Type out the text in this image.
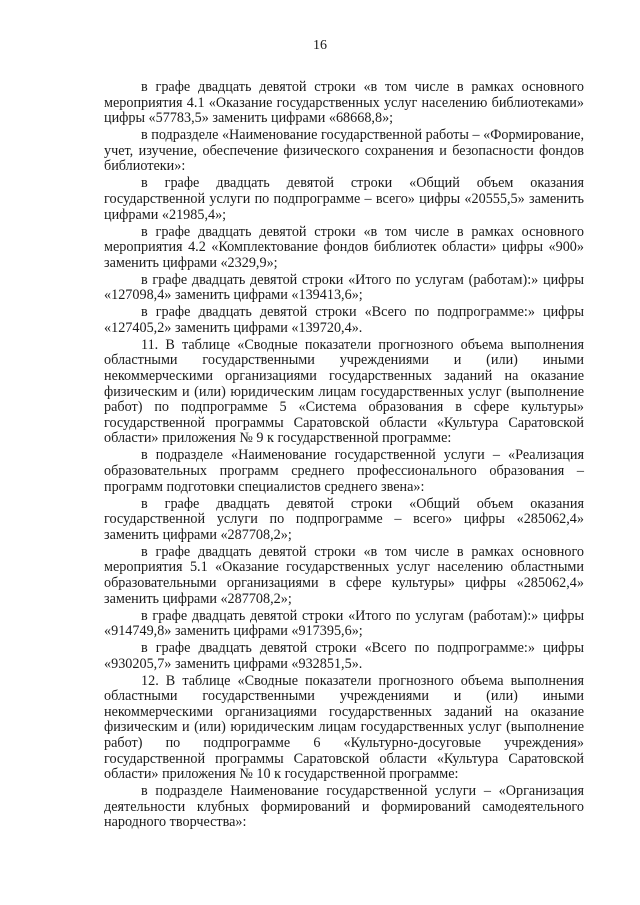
16

в графе двадцать девятой строки «в том числе в рамках основного мероприятия 4.1 «Оказание государственных услуг населению библиотеками» цифры «57783,5» заменить цифрами «68668,8»;

в подразделе «Наименование государственной работы – «Формирование, учет, изучение, обеспечение физического сохранения и безопасности фондов библиотеки»:

в графе двадцать девятой строки «Общий объем оказания государственной услуги по подпрограмме – всего» цифры «20555,5» заменить цифрами «21985,4»;

в графе двадцать девятой строки «в том числе в рамках основного мероприятия 4.2 «Комплектование фондов библиотек области» цифры «900» заменить цифрами «2329,9»;

в графе двадцать девятой строки «Итого по услугам (работам):» цифры «127098,4» заменить цифрами «139413,6»;

в графе двадцать девятой строки «Всего по подпрограмме:» цифры «127405,2» заменить цифрами «139720,4».

11. В таблице «Сводные показатели прогнозного объема выполнения областными государственными учреждениями и (или) иными некоммерческими организациями государственных заданий на оказание физическим и (или) юридическим лицам государственных услуг (выполнение работ) по подпрограмме 5 «Система образования в сфере культуры» государственной программы Саратовской области «Культура Саратовской области» приложения № 9 к государственной программе:

в подразделе «Наименование государственной услуги – «Реализация образовательных программ среднего профессионального образования – программ подготовки специалистов среднего звена»:

в графе двадцать девятой строки «Общий объем оказания государственной услуги по подпрограмме – всего» цифры «285062,4» заменить цифрами «287708,2»;

в графе двадцать девятой строки «в том числе в рамках основного мероприятия 5.1 «Оказание государственных услуг населению областными образовательными организациями в сфере культуры» цифры «285062,4» заменить цифрами «287708,2»;

в графе двадцать девятой строки «Итого по услугам (работам):» цифры «914749,8» заменить цифрами «917395,6»;

в графе двадцать девятой строки «Всего по подпрограмме:» цифры «930205,7» заменить цифрами «932851,5».

12. В таблице «Сводные показатели прогнозного объема выполнения областными государственными учреждениями и (или) иными некоммерческими организациями государственных заданий на оказание физическим и (или) юридическим лицам государственных услуг (выполнение работ) по подпрограмме 6 «Культурно-досуговые учреждения» государственной программы Саратовской области «Культура Саратовской области» приложения № 10 к государственной программе:

в подразделе Наименование государственной услуги – «Организация деятельности клубных формирований и формирований самодеятельного народного творчества»:
